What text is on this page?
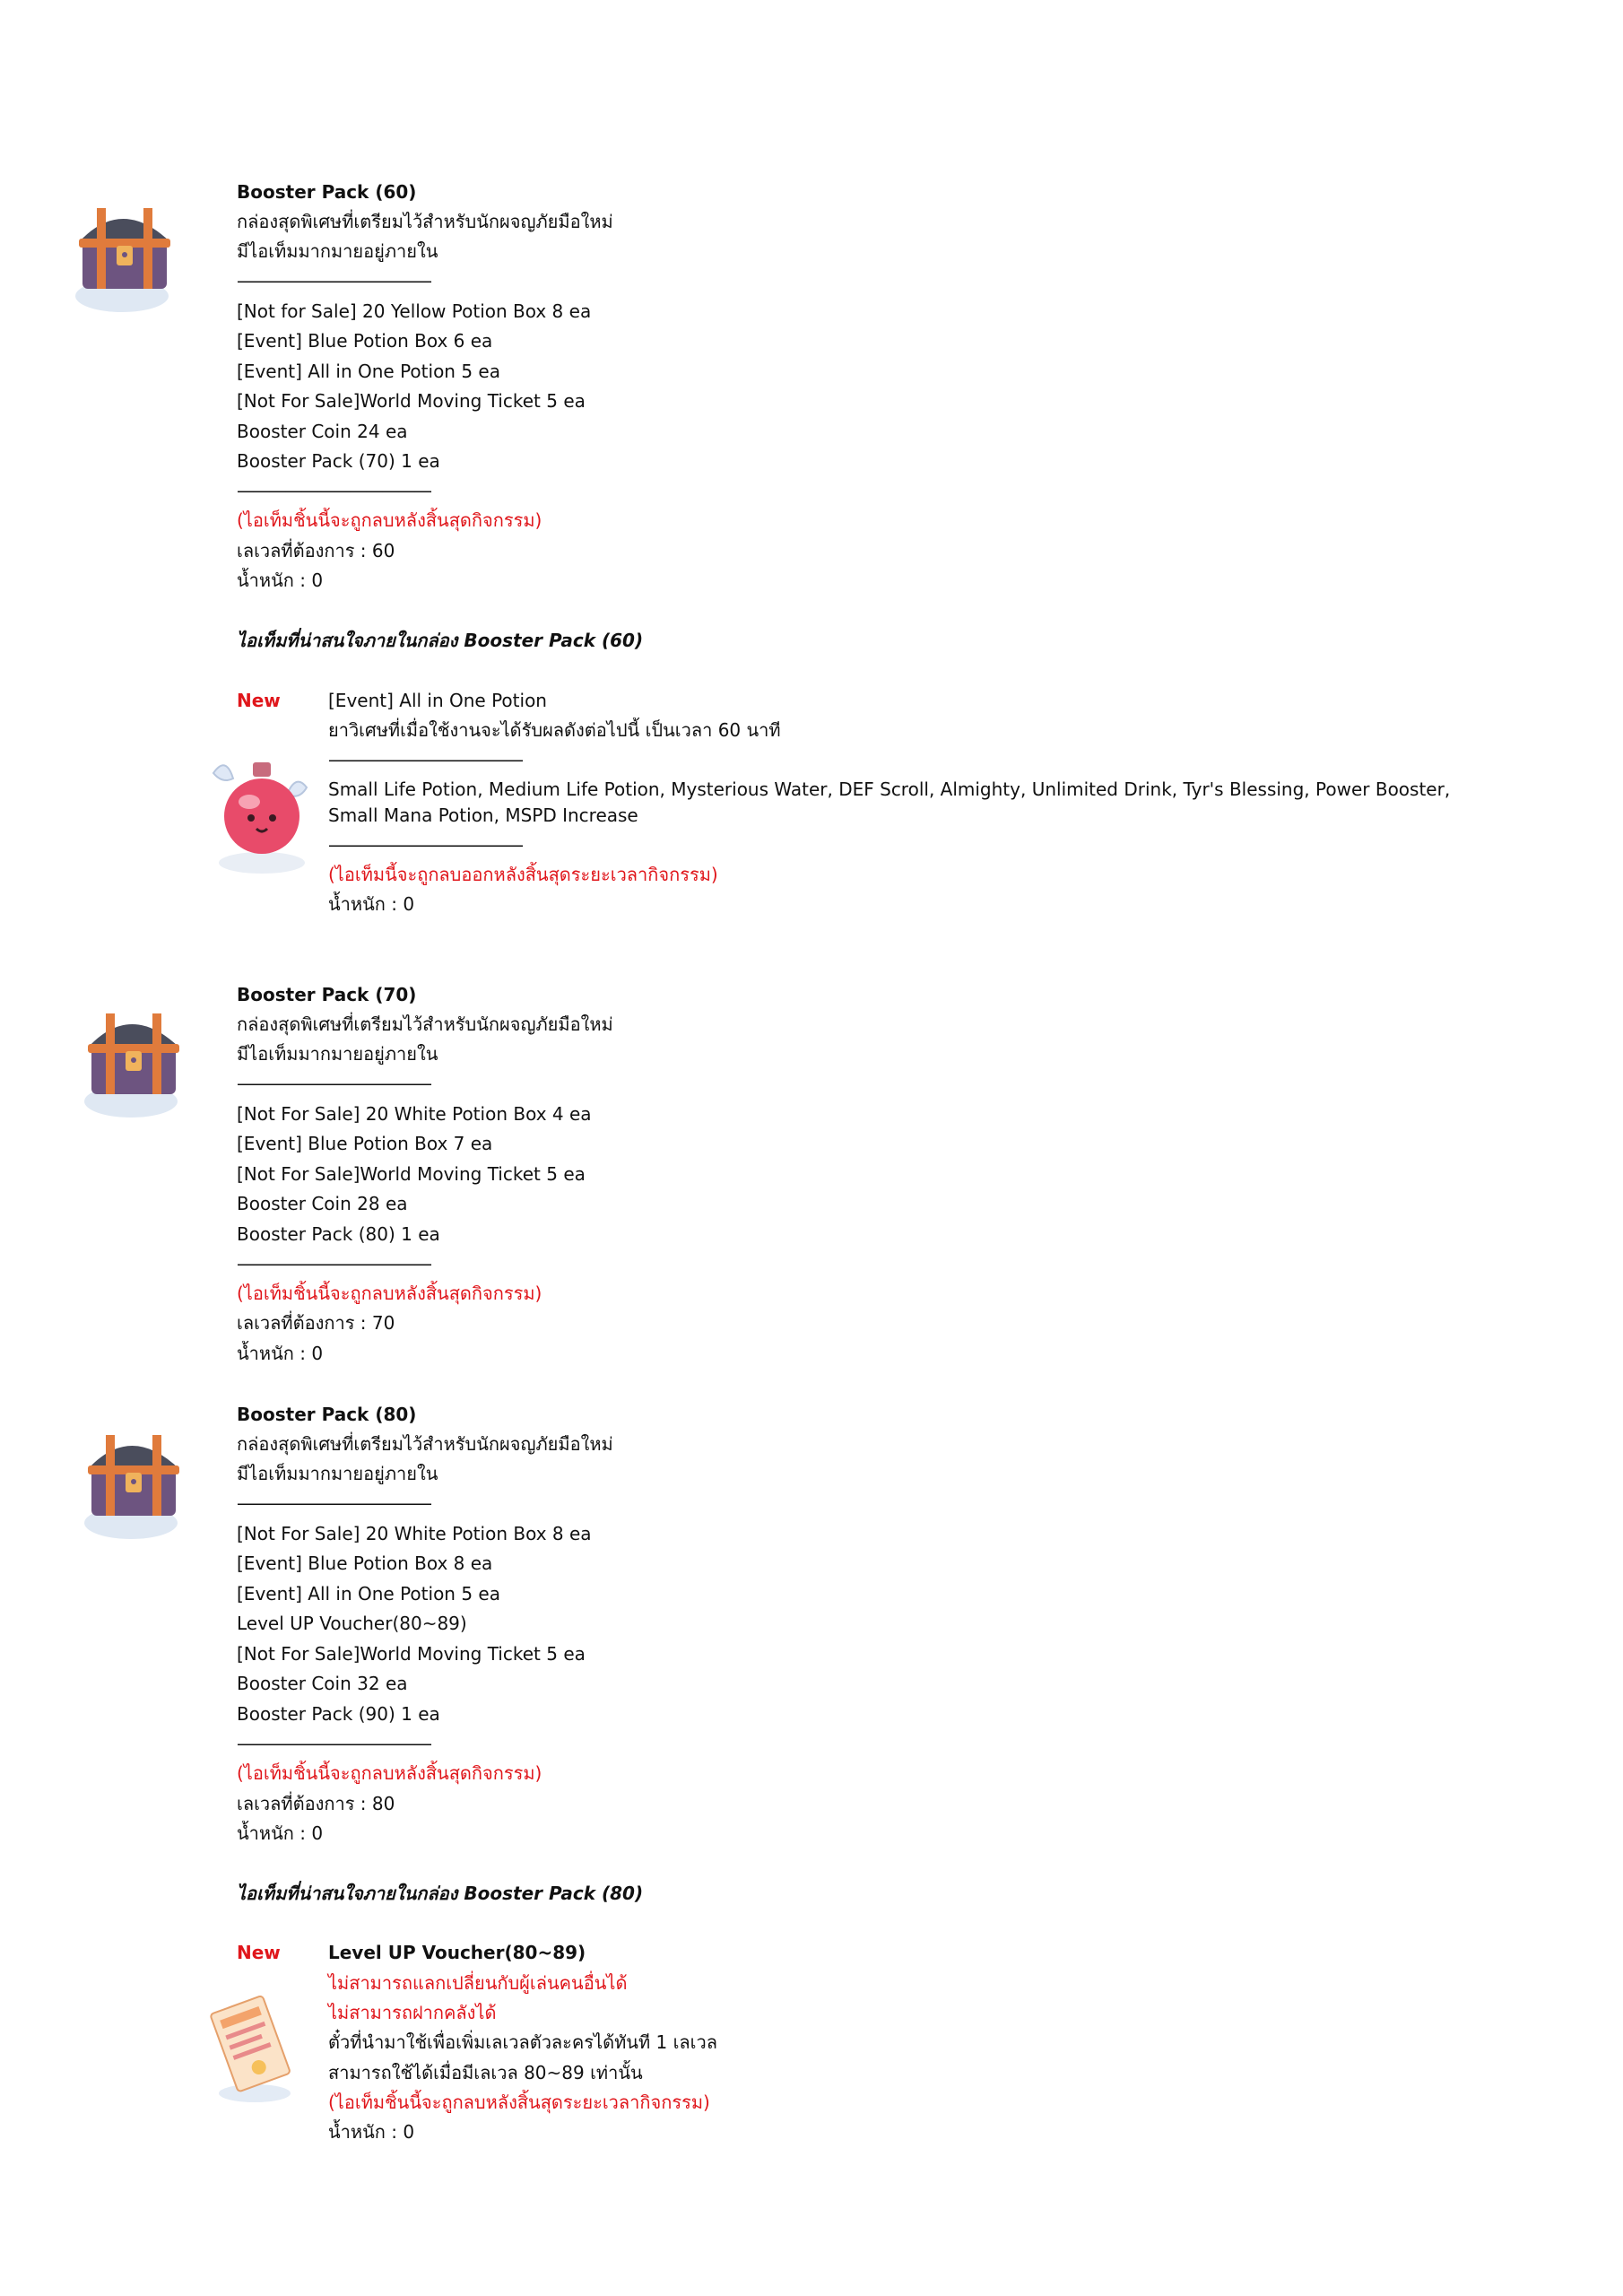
Booster Pack (60)
กล่องสุดพิเศษที่เตรียมไว้สำหรับนักผจญภัยมือใหม่
มีไอเท็มมากมายอยู่ภายใน
————————————
[Not for Sale] 20 Yellow Potion Box 8 ea
[Event] Blue Potion Box 6 ea
[Event] All in One Potion 5 ea
[Not For Sale]World Moving Ticket 5 ea
Booster Coin 24 ea
Booster Pack (70) 1 ea
————————————
(ไอเท็มชิ้นนี้จะถูกลบหลังสิ้นสุดกิจกรรม)
เลเวลที่ต้องการ : 60
น้ำหนัก : 0
ไอเท็มที่น่าสนใจภายในกล่อง Booster Pack (60)
New	[Event] All in One Potion
ยาวิเศษที่เมื่อใช้งานจะได้รับผลดังต่อไปนี้ เป็นเวลา 60 นาที
————————————
Small Life Potion, Medium Life Potion, Mysterious Water, DEF Scroll, Almighty, Unlimited Drink, Tyr's Blessing, Power Booster,
Small Mana Potion, MSPD Increase
————————————
(ไอเท็มนี้จะถูกลบออกหลังสิ้นสุดระยะเวลากิจกรรม)
น้ำหนัก : 0
Booster Pack (70)
กล่องสุดพิเศษที่เตรียมไว้สำหรับนักผจญภัยมือใหม่
มีไอเท็มมากมายอยู่ภายใน
————————————
[Not For Sale] 20 White Potion Box 4 ea
[Event] Blue Potion Box 7 ea
[Not For Sale]World Moving Ticket 5 ea
Booster Coin 28 ea
Booster Pack (80) 1 ea
————————————
(ไอเท็มชิ้นนี้จะถูกลบหลังสิ้นสุดกิจกรรม)
เลเวลที่ต้องการ : 70
น้ำหนัก : 0
Booster Pack (80)
กล่องสุดพิเศษที่เตรียมไว้สำหรับนักผจญภัยมือใหม่
มีไอเท็มมากมายอยู่ภายใน
————————————
[Not For Sale] 20 White Potion Box 8 ea
[Event] Blue Potion Box 8 ea
[Event] All in One Potion 5 ea
Level UP Voucher(80~89)
[Not For Sale]World Moving Ticket 5 ea
Booster Coin 32 ea
Booster Pack (90) 1 ea
————————————
(ไอเท็มชิ้นนี้จะถูกลบหลังสิ้นสุดกิจกรรม)
เลเวลที่ต้องการ : 80
น้ำหนัก : 0
ไอเท็มที่น่าสนใจภายในกล่อง Booster Pack (80)
New	Level UP Voucher(80~89)
ไม่สามารถแลกเปลี่ยนกับผู้เล่นคนอื่นได้
ไม่สามารถฝากคลังได้
ตั๋วที่นำมาใช้เพื่อเพิ่มเลเวลตัวละครได้ทันที 1 เลเวล
สามารถใช้ได้เมื่อมีเลเวล 80~89 เท่านั้น
(ไอเท็มชิ้นนี้จะถูกลบหลังสิ้นสุดระยะเวลากิจกรรม)
น้ำหนัก : 0
